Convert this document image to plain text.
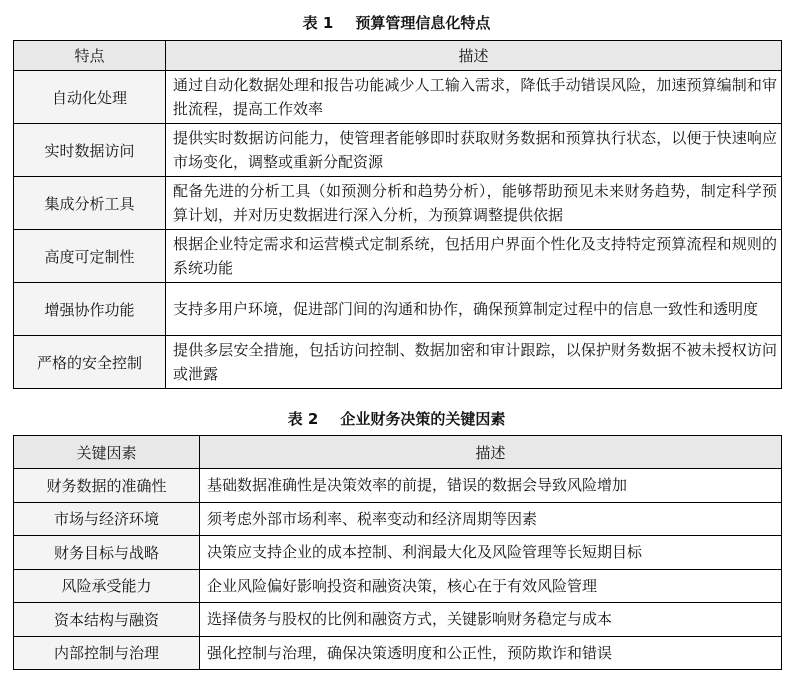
表 1 预算管理信息化特点
特点	描述
自动化处理	通过自动化数据处理和报告功能减少人工输入需求，降低手动错误风险，加速预算编制和审批流程，提高工作效率
实时数据访问	提供实时数据访问能力，使管理者能够即时获取财务数据和预算执行状态，以便于快速响应市场变化，调整或重新分配资源
集成分析工具	配备先进的分析工具（如预测分析和趋势分析），能够帮助预见未来财务趋势，制定科学预算计划，并对历史数据进行深入分析，为预算调整提供依据
高度可定制性	根据企业特定需求和运营模式定制系统，包括用户界面个性化及支持特定预算流程和规则的系统功能
增强协作功能	支持多用户环境，促进部门间的沟通和协作，确保预算制定过程中的信息一致性和透明度
严格的安全控制	提供多层安全措施，包括访问控制、数据加密和审计跟踪，以保护财务数据不被未授权访问或泄露
表 2 企业财务决策的关键因素
关键因素	描述
财务数据的准确性	基础数据准确性是决策效率的前提，错误的数据会导致风险增加
市场与经济环境	须考虑外部市场利率、税率变动和经济周期等因素
财务目标与战略	决策应支持企业的成本控制、利润最大化及风险管理等长短期目标
风险承受能力	企业风险偏好影响投资和融资决策，核心在于有效风险管理
资本结构与融资	选择债务与股权的比例和融资方式，关键影响财务稳定与成本
内部控制与治理	强化控制与治理，确保决策透明度和公正性，预防欺诈和错误
